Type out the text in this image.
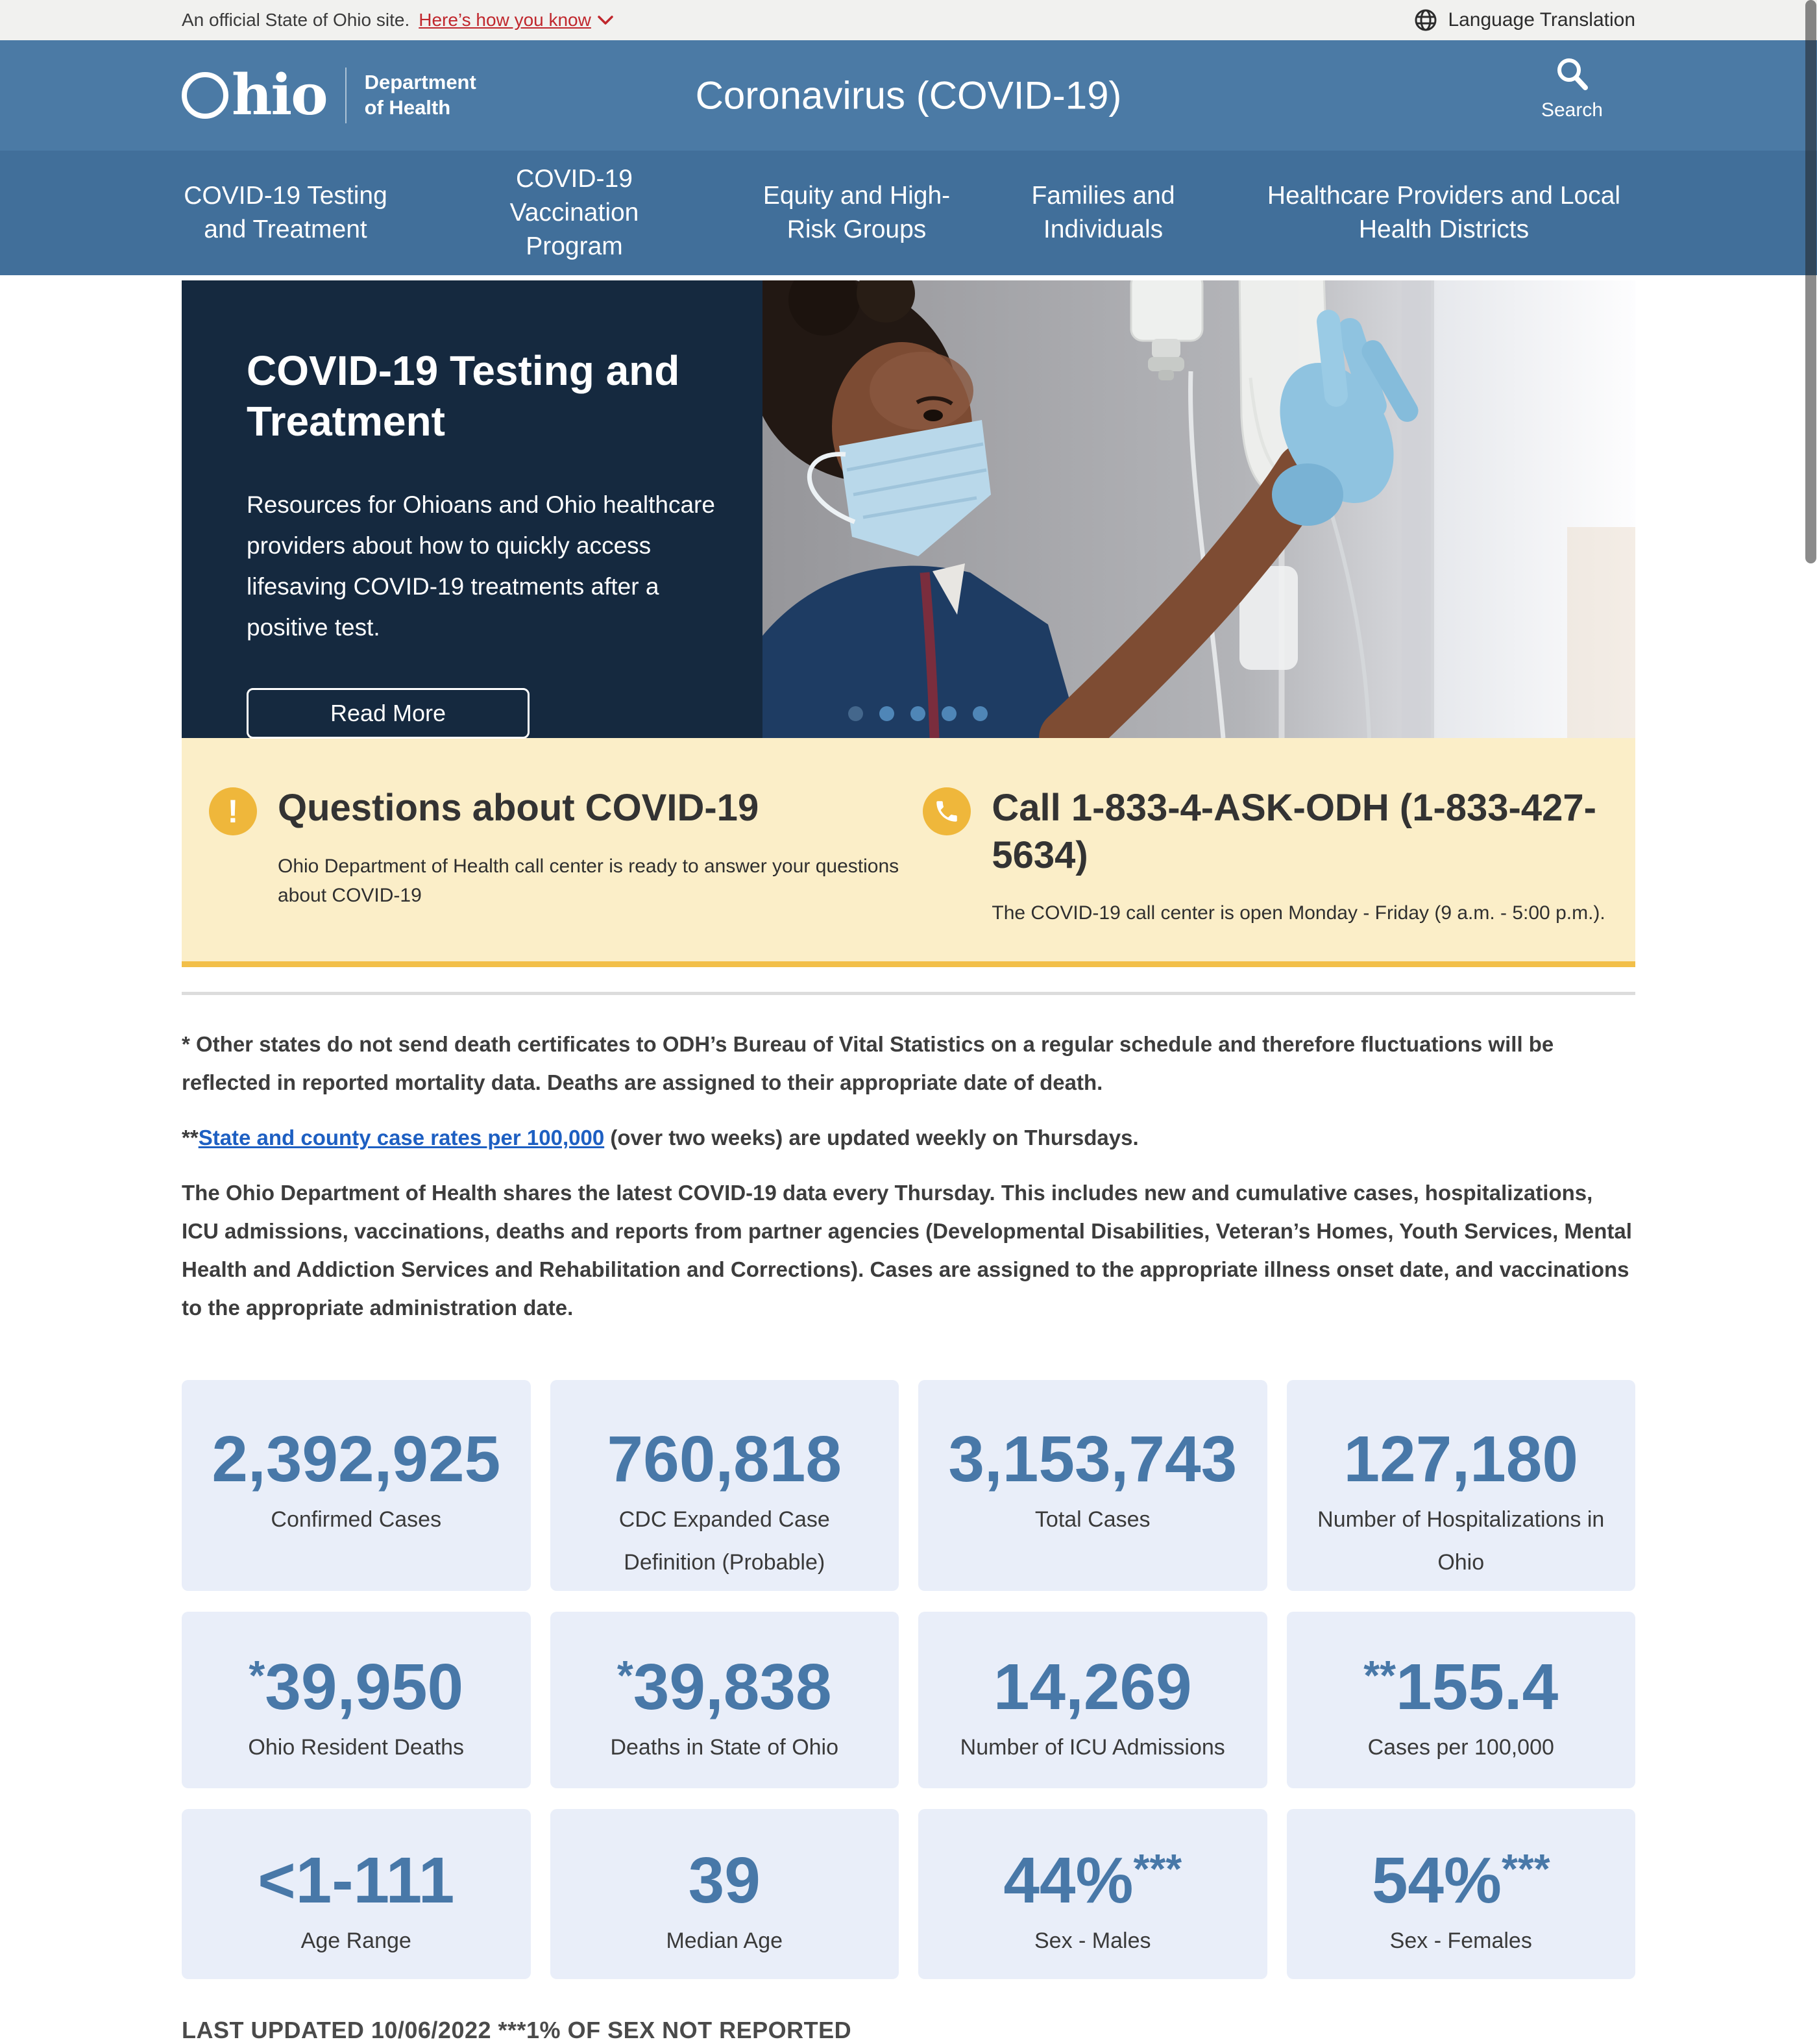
An official State of Ohio site. Here’s how you know	Language Translation
hio Department
of Health	Coronavirus (COVID-19)	Search
COVID-19 Testing and Treatment
COVID-19 Vaccination Program
Equity and High-Risk Groups
Families and Individuals
Healthcare Providers and Local Health Districts
COVID-19 Testing and Treatment

Resources for Ohioans and Ohio healthcare providers about how to quickly access lifesaving COVID-19 treatments after a positive test.

Read More
! Questions about COVID-19
Ohio Department of Health call center is ready to answer your questions about COVID-19
Call 1-833-4-ASK-ODH (1-833-427-5634)
The COVID-19 call center is open Monday - Friday (9 a.m. - 5:00 p.m.).

* Other states do not send death certificates to ODH’s Bureau of Vital Statistics on a regular schedule and therefore fluctuations will be reflected in reported mortality data. Deaths are assigned to their appropriate date of death.

**State and county case rates per 100,000 (over two weeks) are updated weekly on Thursdays.

The Ohio Department of Health shares the latest COVID-19 data every Thursday. This includes new and cumulative cases, hospitalizations, ICU admissions, vaccinations, deaths and reports from partner agencies (Developmental Disabilities, Veteran’s Homes, Youth Services, Mental Health and Addiction Services and Rehabilitation and Corrections). Cases are assigned to the appropriate illness onset date, and vaccinations to the appropriate administration date.

2,392,925
Confirmed Cases
760,818
CDC Expanded Case Definition (Probable)
3,153,743
Total Cases
127,180
Number of Hospitalizations in Ohio
*39,950
Ohio Resident Deaths
*39,838
Deaths in State of Ohio
14,269
Number of ICU Admissions
**155.4
Cases per 100,000
<1-111
Age Range
39
Median Age
44%***
Sex - Males
54%***
Sex - Females
LAST UPDATED 10/06/2022 ***1% OF SEX NOT REPORTED
